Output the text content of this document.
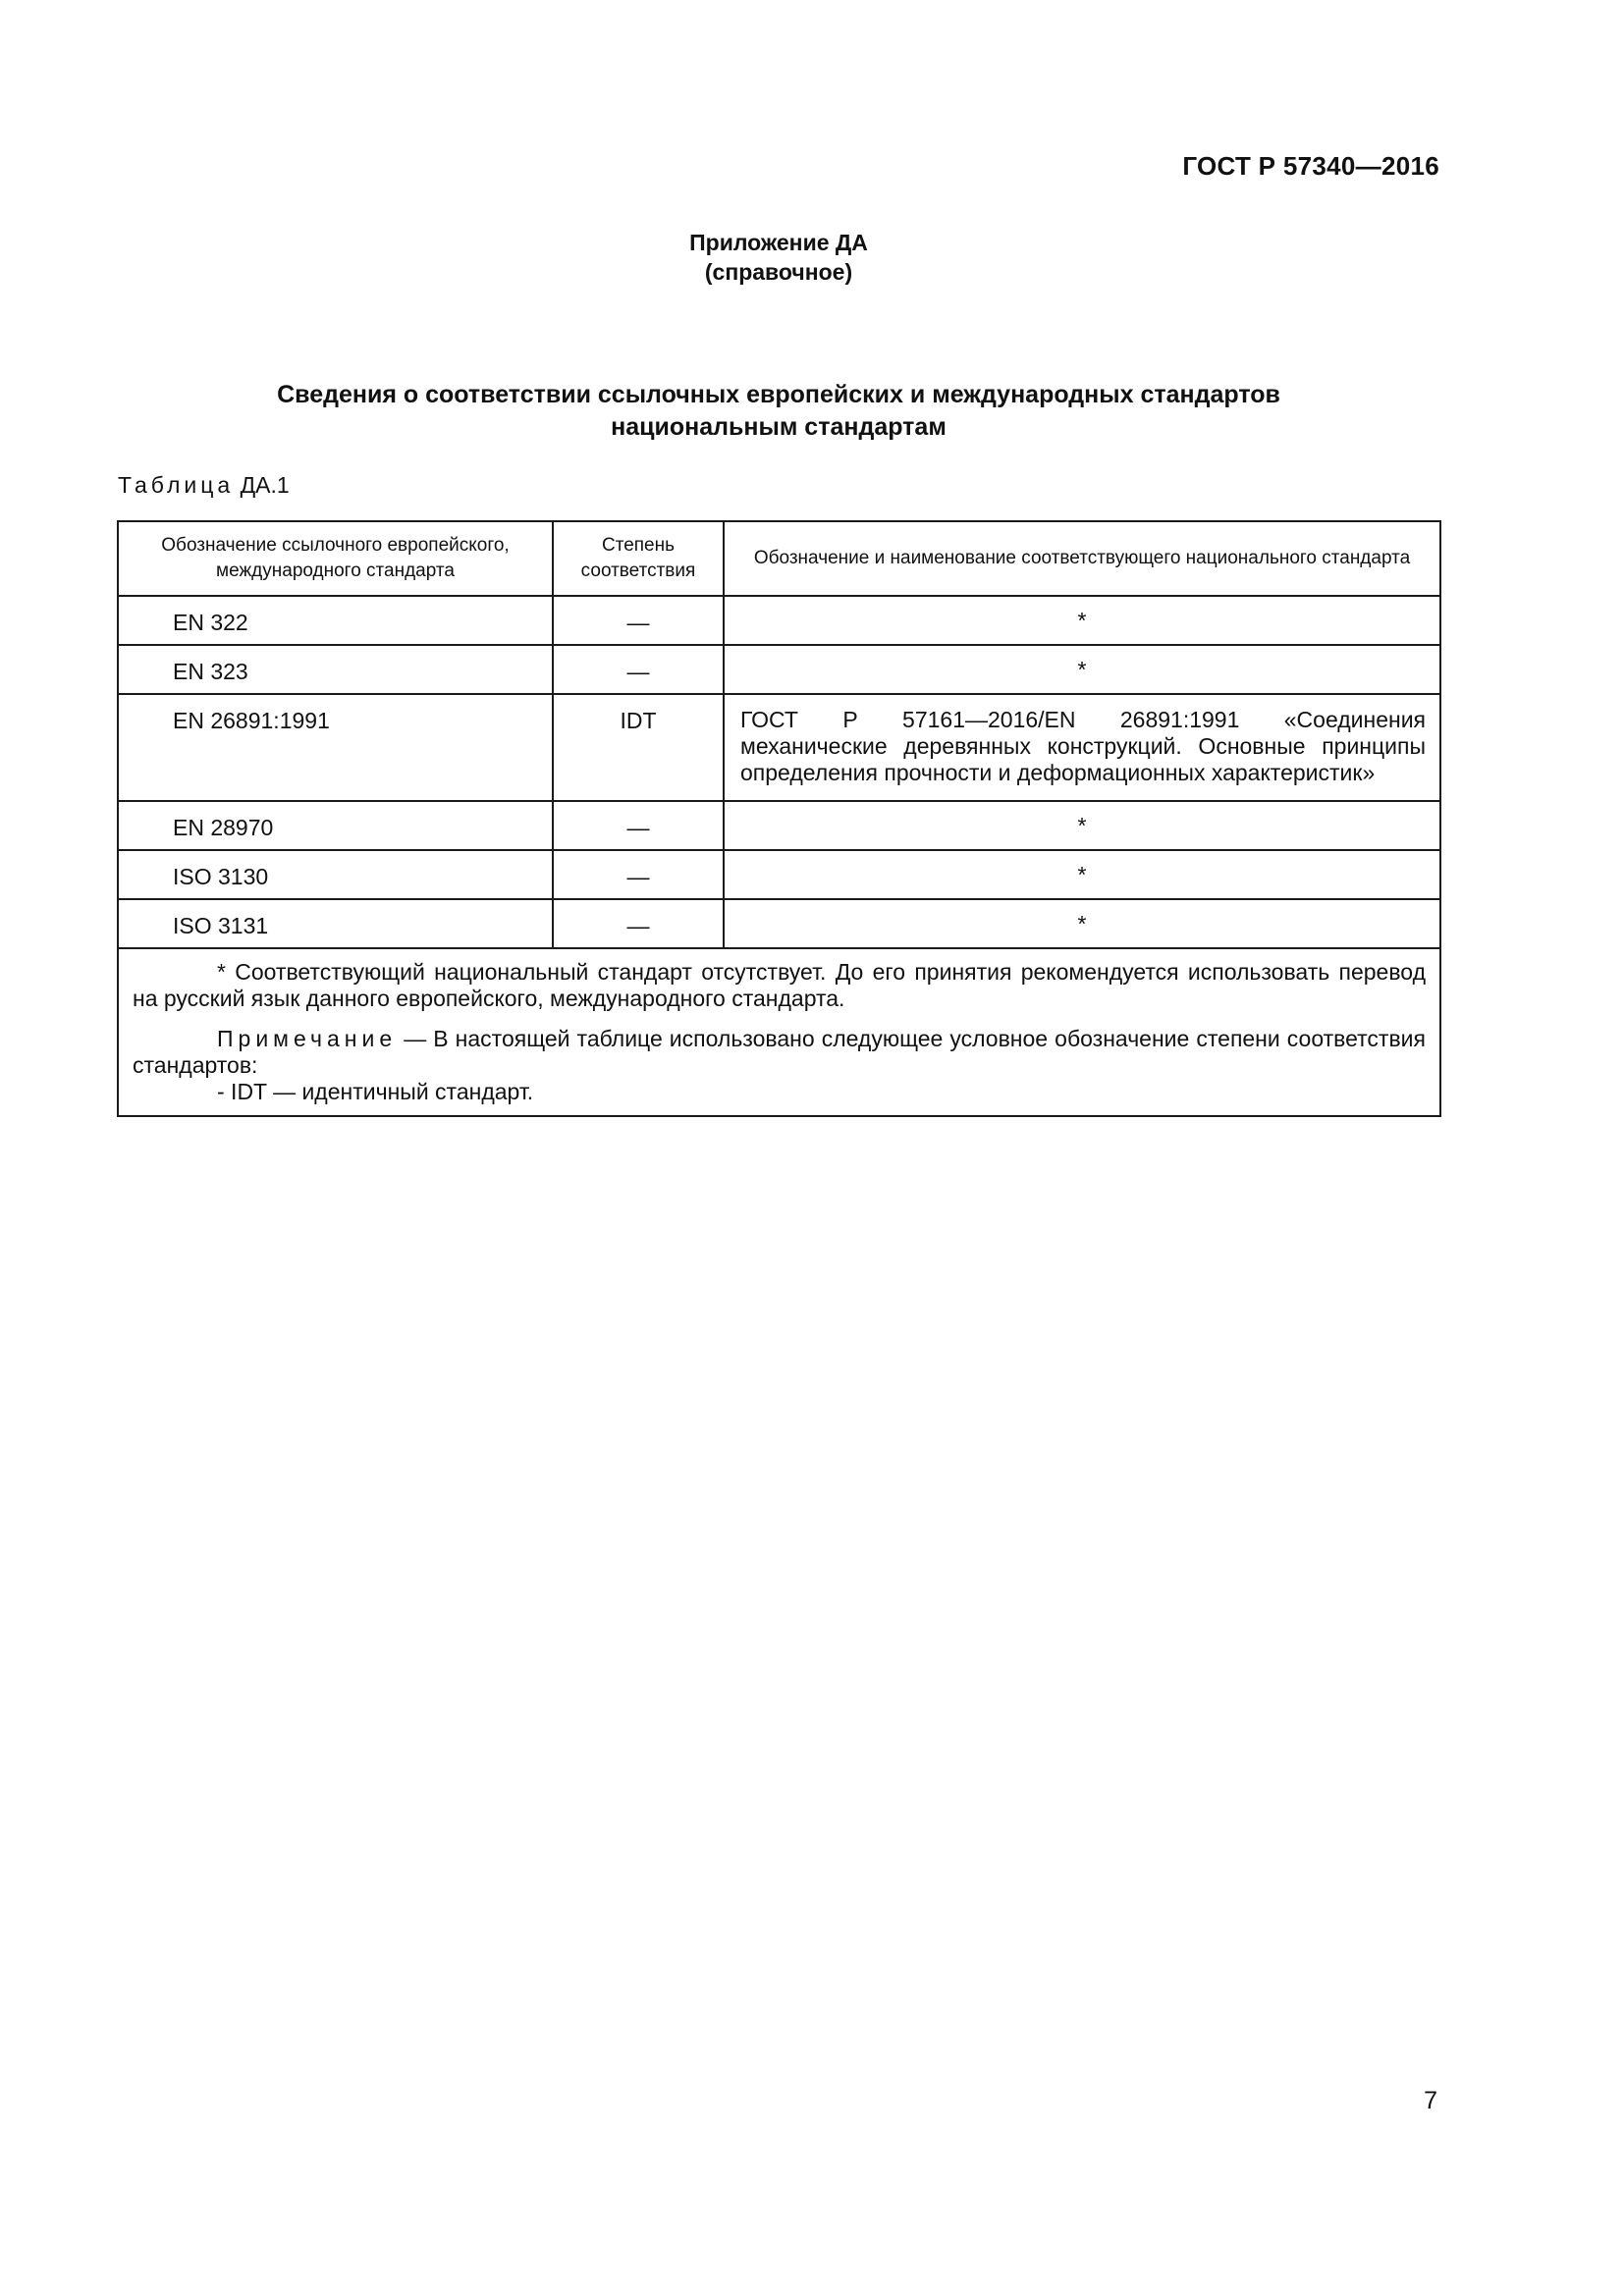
ГОСТ Р 57340—2016
Приложение ДА
(справочное)
Сведения о соответствии ссылочных европейских и международных стандартов
национальным стандартам
Таблица ДА.1
Обозначение ссылочного европейского, международного стандарта	Степень соответствия	Обозначение и наименование соответствующего национального стандарта
EN 322	—	*
EN 323	—	*
EN 26891:1991	IDT	ГОСТ Р 57161—2016/EN 26891:1991 «Соединения механические деревянных конструкций. Основные принципы определения прочности и деформационных характеристик»
EN 28970	—	*
ISO 3130	—	*
ISO 3131	—	*

* Соответствующий национальный стандарт отсутствует. До его принятия рекомендуется использовать перевод на русский язык данного европейского, международного стандарта.

Примечание — В настоящей таблице использовано следующее условное обозначение степени соответствия стандартов:

- IDT — идентичный стандарт.		

7
